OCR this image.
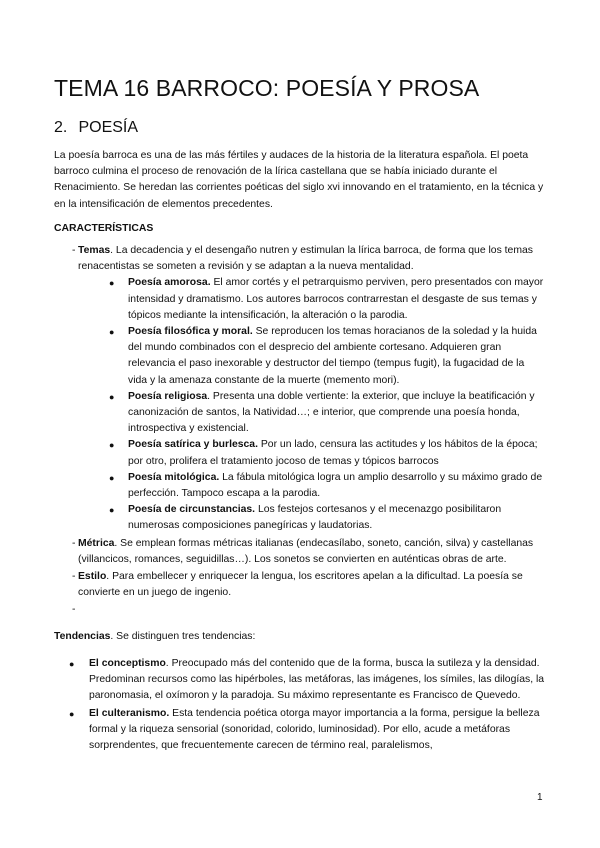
TEMA 16 BARROCO: POESÍA Y PROSA
2. POESÍA

La poesía barroca es una de las más fértiles y audaces de la historia de la literatura española. El poeta barroco culmina el proceso de renovación de la lírica castellana que se había iniciado durante el Renacimiento. Se heredan las corrientes poéticas del siglo xvi innovando en el tratamiento, en la técnica y en la intensificación de elementos precedentes.

CARACTERÍSTICAS

- Temas. La decadencia y el desengaño nutren y estimulan la lírica barroca, de forma que los temas renacentistas se someten a revisión y se adaptan a la nueva mentalidad.
● Poesía amorosa. El amor cortés y el petrarquismo perviven, pero presentados con mayor intensidad y dramatismo. Los autores barrocos contrarrestan el desgaste de sus temas y tópicos mediante la intensificación, la alteración o la parodia.
● Poesía filosófica y moral. Se reproducen los temas horacianos de la soledad y la huida del mundo combinados con el desprecio del ambiente cortesano. Adquieren gran relevancia el paso inexorable y destructor del tiempo (tempus fugit), la fugacidad de la vida y la amenaza constante de la muerte (memento mori).
● Poesía religiosa. Presenta una doble vertiente: la exterior, que incluye la beatificación y canonización de santos, la Natividad…; e interior, que comprende una poesía honda, introspectiva y existencial.
● Poesía satírica y burlesca. Por un lado, censura las actitudes y los hábitos de la época; por otro, prolifera el tratamiento jocoso de temas y tópicos barrocos
● Poesía mitológica. La fábula mitológica logra un amplio desarrollo y su máximo grado de perfección. Tampoco escapa a la parodia.
● Poesía de circunstancias. Los festejos cortesanos y el mecenazgo posibilitaron numerosas composiciones panegíricas y laudatorias.
- Métrica. Se emplean formas métricas italianas (endecasílabo, soneto, canción, silva) y castellanas (villancicos, romances, seguidillas…). Los sonetos se convierten en auténticas obras de arte.
- Estilo. Para embellecer y enriquecer la lengua, los escritores apelan a la dificultad. La poesía se convierte en un juego de ingenio.
-

Tendencias. Se distinguen tres tendencias:

● El conceptismo. Preocupado más del contenido que de la forma, busca la sutileza y la densidad. Predominan recursos como las hipérboles, las metáforas, las imágenes, los símiles, las dilogías, la paronomasia, el oxímoron y la paradoja. Su máximo representante es Francisco de Quevedo.
● El culteranismo. Esta tendencia poética otorga mayor importancia a la forma, persigue la belleza formal y la riqueza sensorial (sonoridad, colorido, luminosidad). Por ello, acude a metáforas sorprendentes, que frecuentemente carecen de término real, paralelismos,
1
